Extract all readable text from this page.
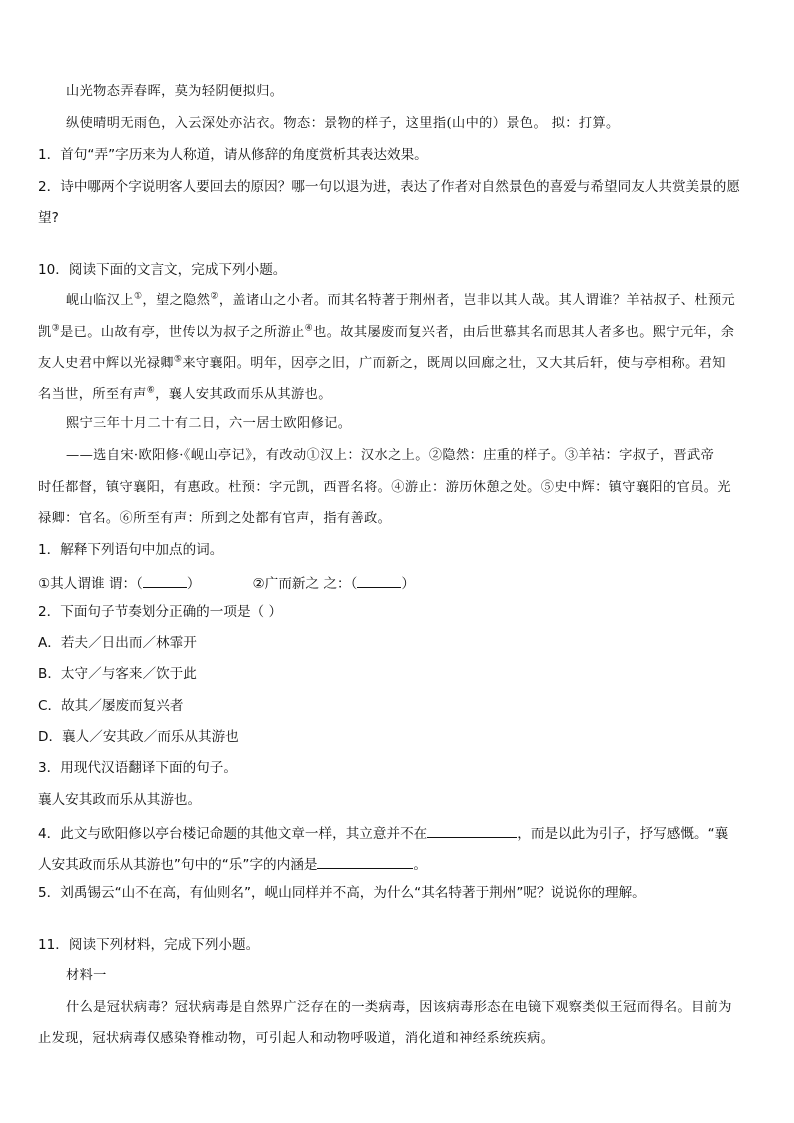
山光物态弄春晖，莫为轻阴便拟归。
纵使晴明无雨色，入云深处亦沾衣。物态：景物的样子，这里指(山中的）景色。 拟：打算。
1．首句“弄”字历来为人称道，请从修辞的角度赏析其表达效果。
2．诗中哪两个字说明客人要回去的原因？哪一句以退为进，表达了作者对自然景色的喜爱与希望同友人共赏美景的愿
望?
10．阅读下面的文言文，完成下列小题。
岘山临汉上①，望之隐然②，盖诸山之小者。而其名特著于荆州者，岂非以其人哉。其人谓谁？羊祜叔子、杜预元
凯③是已。山故有亭，世传以为叔子之所游止④也。故其屡废而复兴者，由后世慕其名而思其人者多也。熙宁元年，余
友人史君中辉以光禄卿⑤来守襄阳。明年，因亭之旧，广而新之，既周以回廊之壮，又大其后轩，使与亭相称。君知
名当世，所至有声⑥，襄人安其政而乐从其游也。
熙宁三年十月二十有二日，六一居士欧阳修记。
——选自宋·欧阳修·《岘山亭记》，有改动①汉上：汉水之上。②隐然：庄重的样子。③羊祜：字叔子，晋武帝
时任都督，镇守襄阳，有惠政。杜预：字元凯，西晋名将。④游止：游历休憩之处。⑤史中辉：镇守襄阳的官员。光
禄卿：官名。⑥所至有声：所到之处都有官声，指有善政。
1．解释下列语句中加点的词。
①其人谓谁 谓：（	）	②广而新之 之：（	）
2．下面句子节奏划分正确的一项是（ ）
A．若夫／日出而／林霏开
B．太守／与客来／饮于此
C．故其／屡废而复兴者
D．襄人／安其政／而乐从其游也
3．用现代汉语翻译下面的句子。
襄人安其政而乐从其游也。
4．此文与欧阳修以亭台楼记命题的其他文章一样，其立意并不在	，而是以此为引子，抒写感慨。“襄
人安其政而乐从其游也”句中的“乐”字的内涵是	。
5．刘禹锡云“山不在高，有仙则名”，岘山同样并不高，为什么“其名特著于荆州”呢？说说你的理解。
11．阅读下列材料，完成下列小题。
材料一
什么是冠状病毒？冠状病毒是自然界广泛存在的一类病毒，因该病毒形态在电镜下观察类似王冠而得名。目前为
止发现，冠状病毒仅感染脊椎动物，可引起人和动物呼吸道，消化道和神经系统疾病。
